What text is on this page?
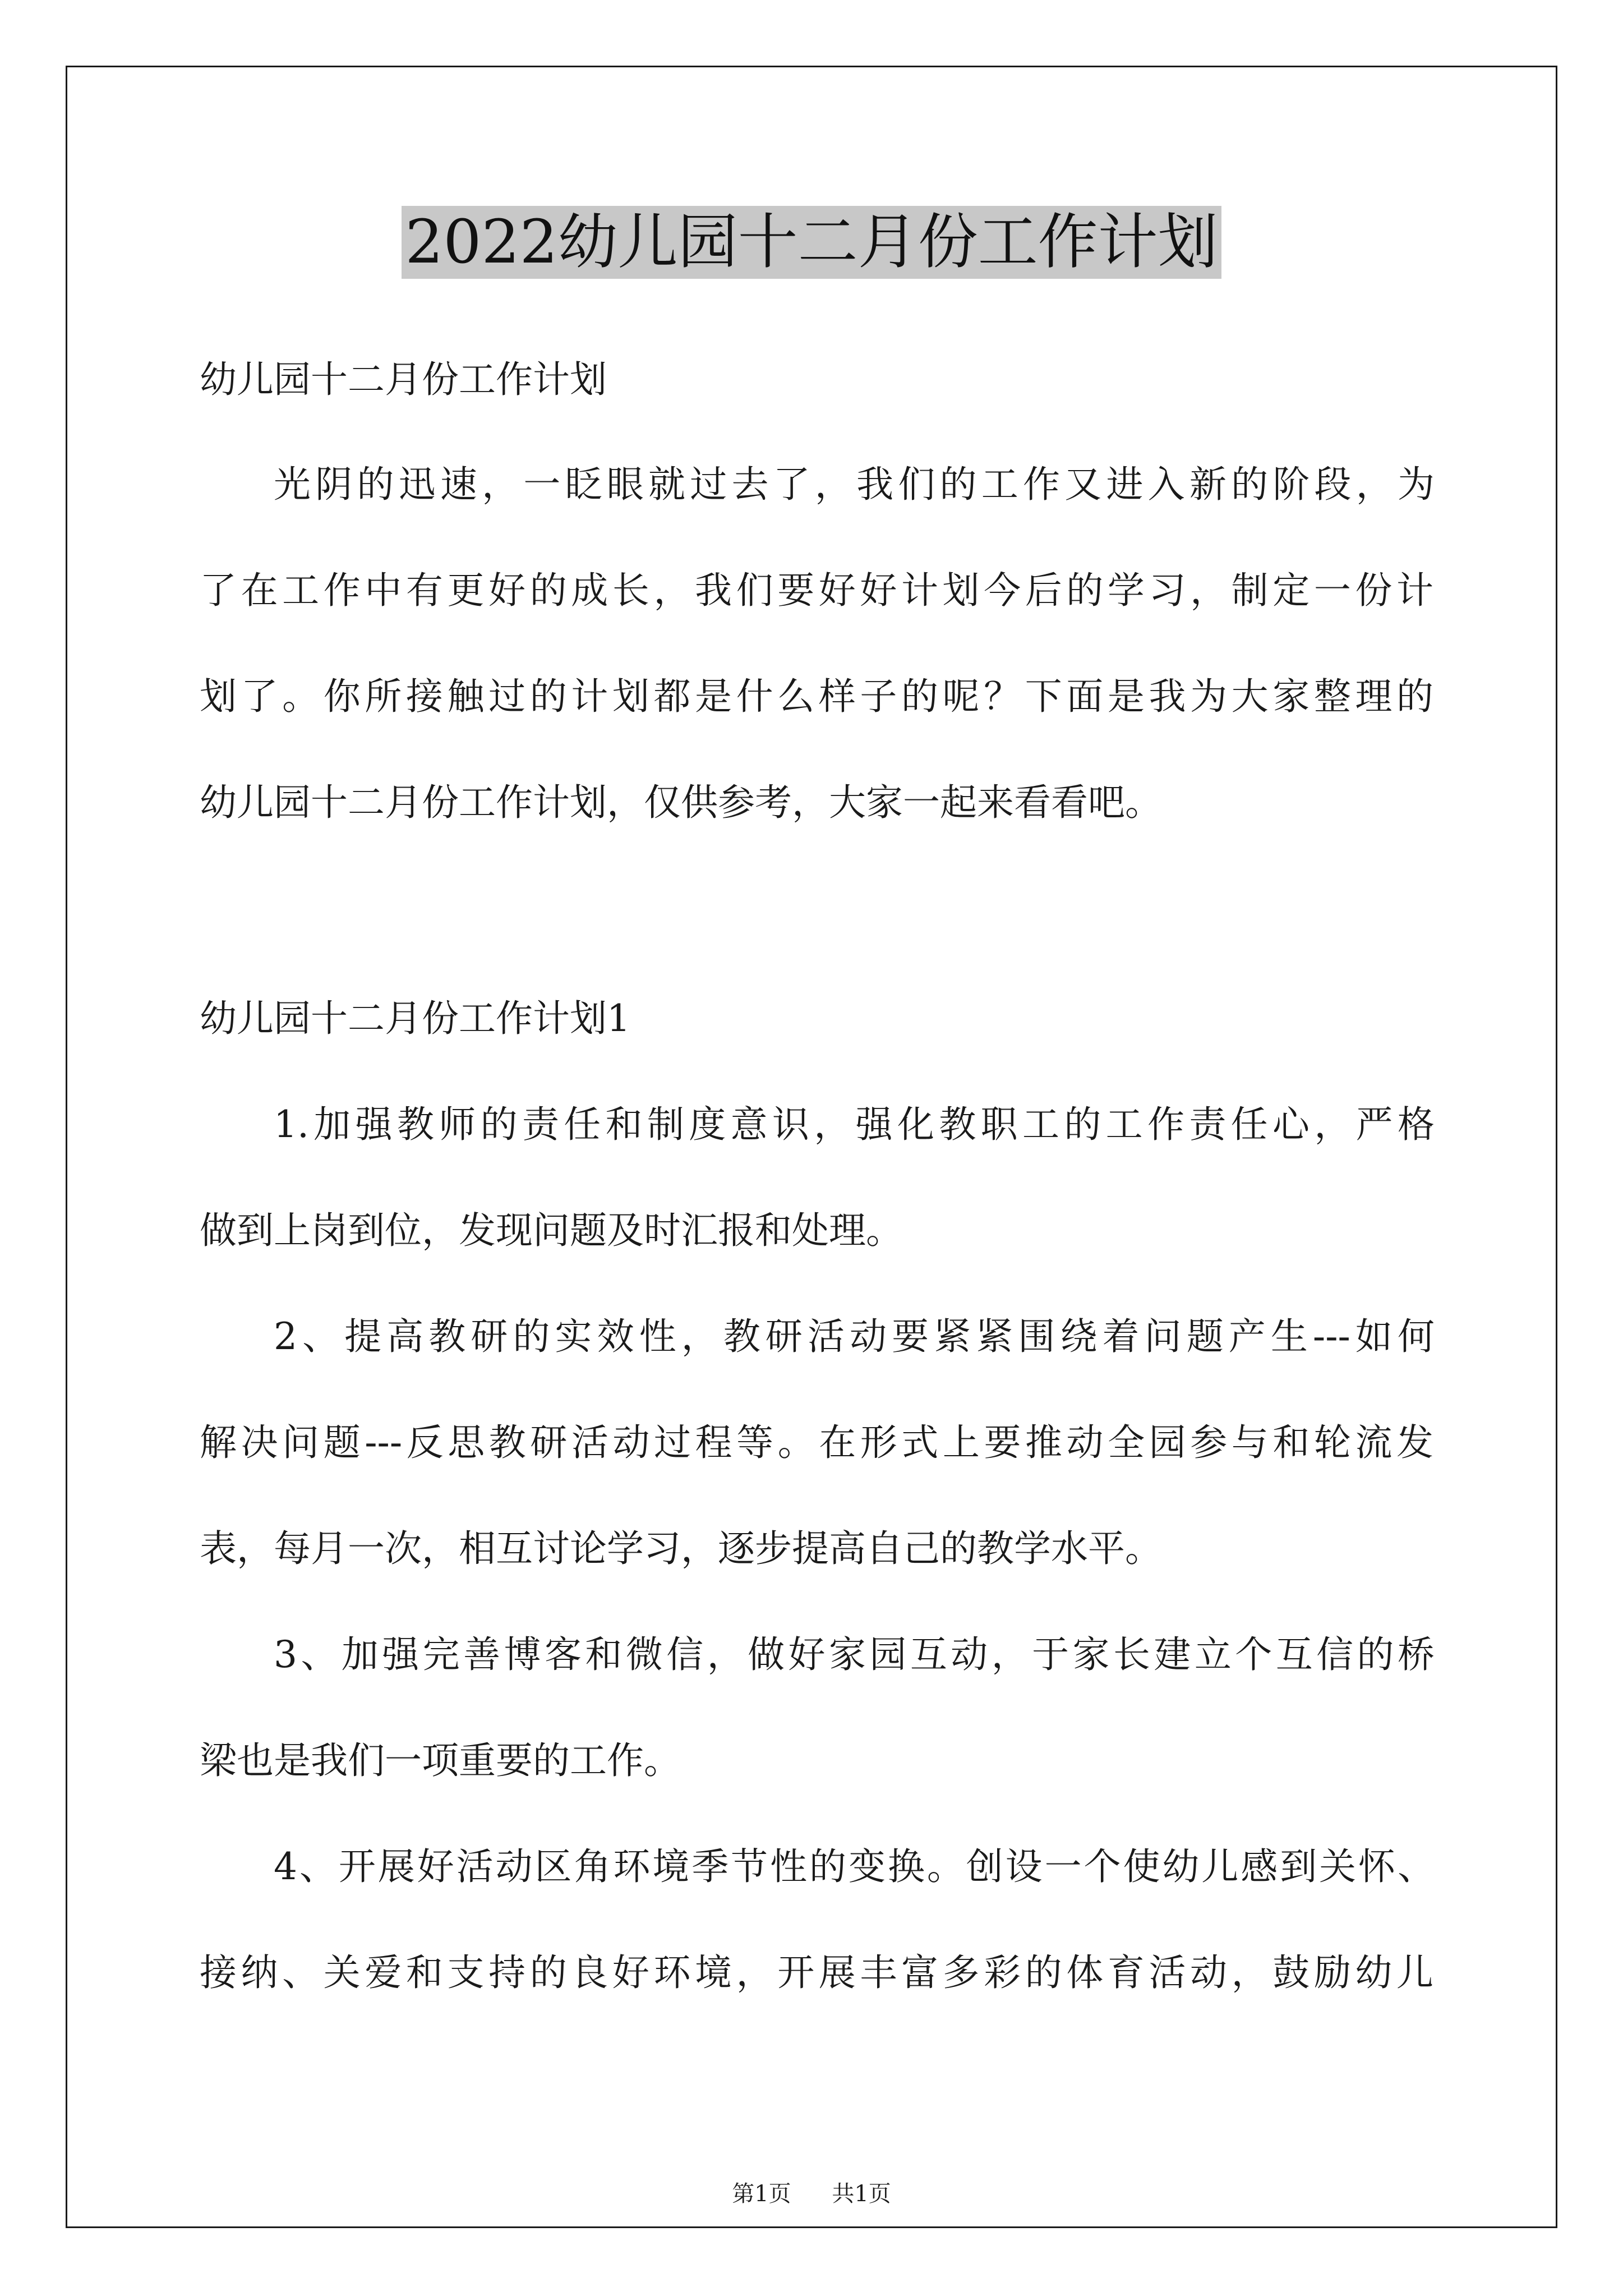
2022幼儿园十二月份工作计划
幼儿园十二月份工作计划
光阴的迅速，一眨眼就过去了，我们的工作又进入新的阶段，为
了在工作中有更好的成长，我们要好好计划今后的学习，制定一份计
划了。你所接触过的计划都是什么样子的呢？下面是我为大家整理的
幼儿园十二月份工作计划，仅供参考，大家一起来看看吧。
幼儿园十二月份工作计划1
1.加强教师的责任和制度意识，强化教职工的工作责任心，严格
做到上岗到位，发现问题及时汇报和处理。
2、提高教研的实效性，教研活动要紧紧围绕着问题产生---如何
解决问题---反思教研活动过程等。在形式上要推动全园参与和轮流发
表，每月一次，相互讨论学习，逐步提高自己的教学水平。
3、加强完善博客和微信，做好家园互动，于家长建立个互信的桥
梁也是我们一项重要的工作。
4、开展好活动区角环境季节性的变换。创设一个使幼儿感到关怀、
接纳、关爱和支持的良好环境，开展丰富多彩的体育活动，鼓励幼儿
第1页 共1页
